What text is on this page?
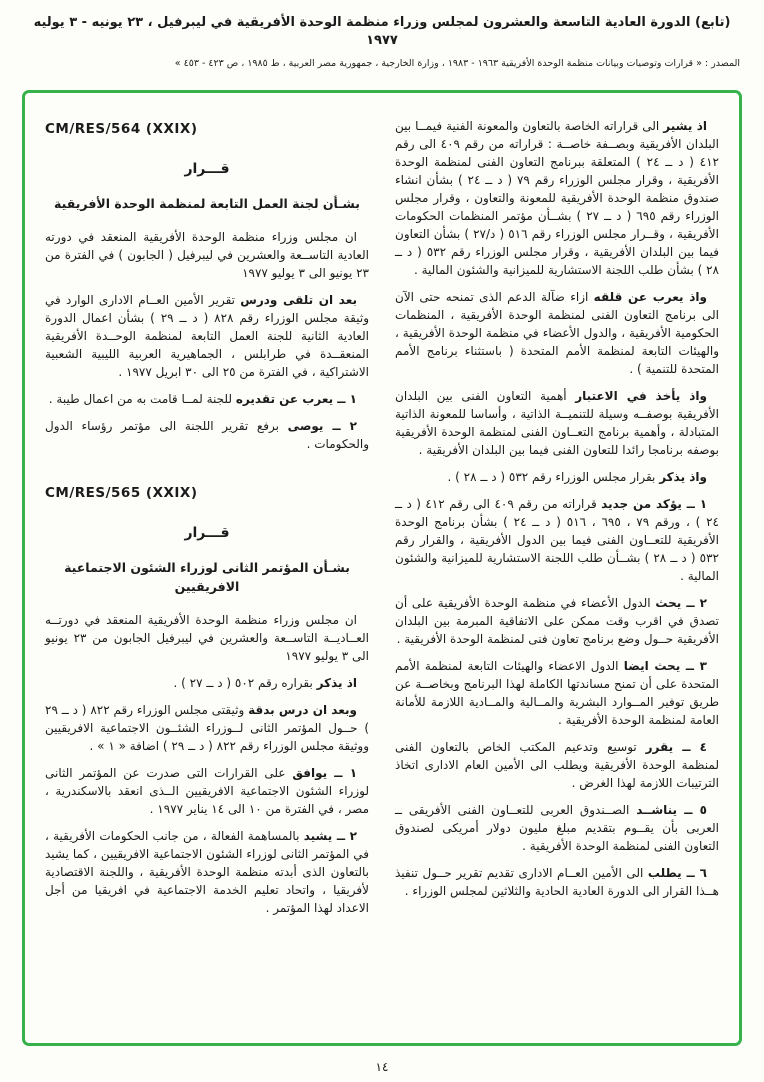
(تابع) الدورة العادية التاسعة والعشرون لمجلس وزراء منظمة الوحدة الأفريقية في ليبرفيل ، ٢٣ يونيه - ٣ يوليه ١٩٧٧
المصدر : « قرارات وتوصيات وبيانات منظمة الوحدة الأفريقية ١٩٦٣ - ١٩٨٣ ، وزارة الخارجية ، جمهورية مصر العربية ، ط ١٩٨٥ ، ص ٤٢٣ - ٤٥٣ »

اذ يشير الى قراراته الخاصة بالتعاون والمعونة الفنية فيمــا بين البلدان الأفريقية وبصــفة خاصــة : قراراته من رقم ٤٠٩ الى رقم ٤١٢ ( د ــ ٢٤ ) المتعلقة ببرنامج التعاون الفنى لمنظمة الوحدة الأفريقية ، وقرار مجلس الوزراء رقم ٧٩ ( د ــ ٢٤ ) بشأن انشاء صندوق منظمة الوحدة الأفريقية للمعونة والتعاون ، وقرار مجلس الوزراء رقم ٦٩٥ ( د ــ ٢٧ ) بشــأن مؤتمر المنظمات الحكومات الأفريقية ، وقــرار مجلس الوزراء رقم ٥١٦ ( د/٢٧ ) بشأن التعاون فيما بين البلدان الأفريقية ، وقرار مجلس الوزراء رقم ٥٣٢ ( د ــ ٢٨ ) بشأن طلب اللجنة الاستشارية للميزانية والشئون المالية .

واذ يعرب عن قلقه ازاء ضآلة الدعم الذى تمنحه حتى الآن الى برنامج التعاون الفنى لمنظمة الوحدة الأفريقية ، المنظمات الحكومية الأفريقية ، والدول الأعضاء في منظمة الوحدة الأفريقية ، والهيئات التابعة لمنظمة الأمم المتحدة ( باستثناء برنامج الأمم المتحدة للتنمية ) .

واذ يأخذ في الاعتبار أهمية التعاون الفنى بين البلدان الأفريقية بوصفــه وسيلة للتنميــة الذاتية ، وأساسا للمعونة الذاتية المتبادلة ، وأهمية برنامج التعــاون الفنى لمنظمة الوحدة الأفريقية بوصفه برنامجا رائدا للتعاون الفنى فيما بين البلدان الأفريقية .

واذ يذكر بقرار مجلس الوزراء رقم ٥٣٢ ( د ــ ٢٨ ) .

١ ــ يؤكد من جديد قراراته من رقم ٤٠٩ الى رقم ٤١٢ ( د ــ ٢٤ ) ، ورقم ٧٩ ، ٦٩٥ ، ٥١٦ ( د ــ ٢٤ ) بشأن برنامج الوحدة الأفريقية للتعــاون الفنى فيما بين الدول الأفريقية ، والقرار رقم ٥٣٢ ( د ــ ٢٨ ) بشــأن طلب اللجنة الاستشارية للميزانية والشئون المالية .

٢ ــ يحث الدول الأعضاء في منظمة الوحدة الأفريقية على أن تصدق في اقرب وقت ممكن على الاتفاقية المبرمة بين البلدان الأفريقية حــول وضع برنامج تعاون فنى لمنظمة الوحدة الأفريقية .

٣ ــ يحث ايضا الدول الاعضاء والهيئات التابعة لمنظمة الأمم المتحدة على أن تمنح مساندتها الكاملة لهذا البرنامج وبخاصــة عن طريق توفير المــوارد البشرية والمــالية والمــادية اللازمة للأمانة العامة لمنظمة الوحدة الأفريقية .

٤ ــ يقرر توسيع وتدعيم المكتب الخاص بالتعاون الفنى لمنظمة الوحدة الأفريقية ويطلب الى الأمين العام الادارى اتخاذ الترتيبات اللازمة لهذا الغرض .

٥ ــ يناشــد الصــندوق العربى للتعــاون الفنى الأفريقى ــ العربى بأن يقــوم بتقديم مبلغ مليون دولار أمريكى لصندوق التعاون الفنى لمنظمة الوحدة الأفريقية .

٦ ــ يطلب الى الأمين العــام الادارى تقديم تقرير حــول تنفيذ هــذا القرار الى الدورة العادية الحادية والثلاثين لمجلس الوزراء .

CM/RES/564 (XXIX)
قـــرار
بشـأن لجنة العمل التابعة لمنظمة الوحدة الأفريقية

ان مجلس وزراء منظمة الوحدة الأفريقية المنعقد في دورته العادية التاســعة والعشرين في ليبرفيل ( الجابون ) في الفترة من ٢٣ يونيو الى ٣ يوليو ١٩٧٧

بعد ان تلقى ودرس تقرير الأمين العــام الادارى الوارد في وثيقة مجلس الوزراء رقم ٨٢٨ ( د ــ ٢٩ ) بشأن اعمال الدورة العادية الثانية للجنة العمل التابعة لمنظمة الوحــدة الأفريقية المنعقــدة في طرابلس ، الجماهيرية العربية الليبية الشعبية الاشتراكية ، في الفترة من ٢٥ الى ٣٠ ابريل ١٩٧٧ .

١ ــ يعرب عن تقديره للجنة لمــا قامت به من اعمال طيبة .

٢ ــ يوصى برفع تقرير اللجنة الى مؤتمر رؤساء الدول والحكومات .

CM/RES/565 (XXIX)
قـــرار
بشـأن المؤتمر الثانى لوزراء الشئون الاجتماعية الافريقيين

ان مجلس وزراء منظمة الوحدة الأفريقية المنعقد في دورتــه العــاديــة التاســعة والعشرين في ليبرفيل الجابون من ٢٣ يونيو الى ٣ يوليو ١٩٧٧

اذ يذكر بقراره رقم ٥٠٢ ( د ــ ٢٧ ) .

وبعد ان درس بدقة وثيقتى مجلس الوزراء رقم ٨٢٢ ( د ــ ٢٩ ) حــول المؤتمر الثانى لــوزراء الشئــون الاجتماعية الافريقيين ووثيقة مجلس الوزراء رقم ٨٢٢ ( د ــ ٢٩ ) اضافة « ١ » .

١ ــ يوافق على القرارات التى صدرت عن المؤتمر الثانى لوزراء الشئون الاجتماعية الافريقيين الــذى انعقد بالاسكندرية ، مصر ، في الفترة من ١٠ الى ١٤ يناير ١٩٧٧ .

٢ ــ يشيد بالمساهمة الفعالة ، من جانب الحكومات الأفريقية ، في المؤتمر الثانى لوزراء الشئون الاجتماعية الافريقيين ، كما يشيد بالتعاون الذى أبدته منظمة الوحدة الأفريقية ، واللجنة الاقتصادية لأفريقيا ، واتحاد تعليم الخدمة الاجتماعية في افريقيا من أجل الاعداد لهذا المؤتمر .

١٤
